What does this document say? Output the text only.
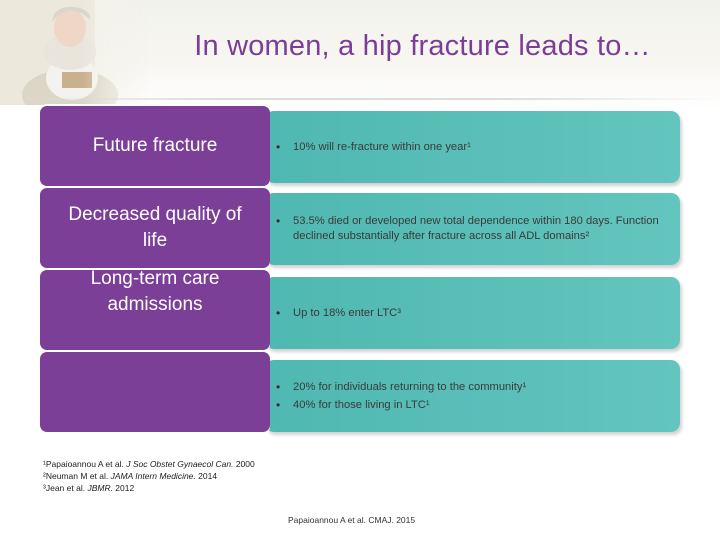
In women, a hip fracture leads to…
• 10% will re-fracture within one year¹
Future fracture
• 53.5% died or developed new total dependence within 180 days. Function declined substantially after fracture across all ADL domains²
Decreased quality of life
• Up to 18% enter LTC³
Long-term care admissions
• 20% for individuals returning to the community¹
• 40% for those living in LTC¹
¹Papaioannou A et al. J Soc Obstet Gynaecol Can. 2000
²Neuman M et al. JAMA Intern Medicine. 2014
³Jean et al. JBMR. 2012
Papaioannou A et al. CMAJ. 2015
